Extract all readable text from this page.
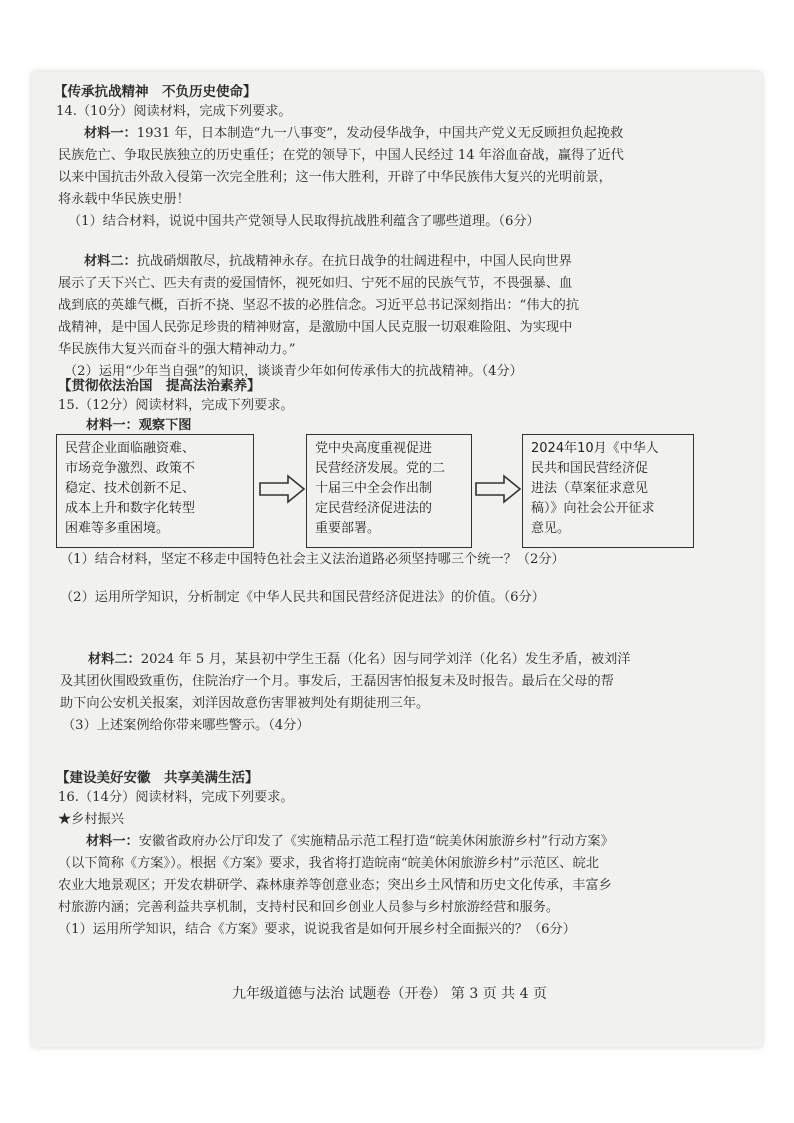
【传承抗战精神　不负历史使命】
14.（10分）阅读材料，完成下列要求。
材料一：1931 年，日本制造“九一八事变”，发动侵华战争，中国共产党义无反顾担负起挽救
民族危亡、争取民族独立的历史重任；在党的领导下，中国人民经过 14 年浴血奋战，赢得了近代
以来中国抗击外敌入侵第一次完全胜利；这一伟大胜利，开辟了中华民族伟大复兴的光明前景，
将永载中华民族史册！
（1）结合材料，说说中国共产党领导人民取得抗战胜利蕴含了哪些道理。（6分）
材料二：抗战硝烟散尽，抗战精神永存。在抗日战争的壮阔进程中，中国人民向世界
展示了天下兴亡、匹夫有责的爱国情怀，视死如归、宁死不屈的民族气节，不畏强暴、血
战到底的英雄气概，百折不挠、坚忍不拔的必胜信念。习近平总书记深刻指出：“伟大的抗
战精神，是中国人民弥足珍贵的精神财富，是激励中国人民克服一切艰难险阻、为实现中
华民族伟大复兴而奋斗的强大精神动力。”
（2）运用“少年当自强”的知识，谈谈青少年如何传承伟大的抗战精神。（4分）
【贯彻依法治国　提高法治素养】
15.（12分）阅读材料，完成下列要求。
材料一：观察下图
民营企业面临融资难、
市场竞争激烈、政策不
稳定、技术创新不足、
成本上升和数字化转型
困难等多重困境。
党中央高度重视促进
民营经济发展。党的二
十届三中全会作出制
定民营经济促进法的
重要部署。
2024年10月《中华人
民共和国民营经济促
进法（草案征求意见
稿）》向社会公开征求
意见。
（1）结合材料，坚定不移走中国特色社会主义法治道路必须坚持哪三个统一？（2分）
（2）运用所学知识，分析制定《中华人民共和国民营经济促进法》的价值。（6分）
材料二：2024 年 5 月，某县初中学生王磊（化名）因与同学刘洋（化名）发生矛盾，被刘洋
及其团伙围殴致重伤，住院治疗一个月。事发后，王磊因害怕报复未及时报告。最后在父母的帮
助下向公安机关报案，刘洋因故意伤害罪被判处有期徒刑三年。
（3）上述案例给你带来哪些警示。（4分）
【建设美好安徽　共享美满生活】
16.（14分）阅读材料，完成下列要求。
★乡村振兴
材料一：安徽省政府办公厅印发了《实施精品示范工程打造“皖美休闲旅游乡村”行动方案》
（以下简称《方案》）。根据《方案》要求，我省将打造皖南“皖美休闲旅游乡村”示范区、皖北
农业大地景观区；开发农耕研学、森林康养等创意业态；突出乡土风情和历史文化传承，丰富乡
村旅游内涵；完善利益共享机制，支持村民和回乡创业人员参与乡村旅游经营和服务。
（1）运用所学知识，结合《方案》要求，说说我省是如何开展乡村全面振兴的？（6分）
九年级道德与法治 试题卷（开卷） 第 3 页 共 4 页
